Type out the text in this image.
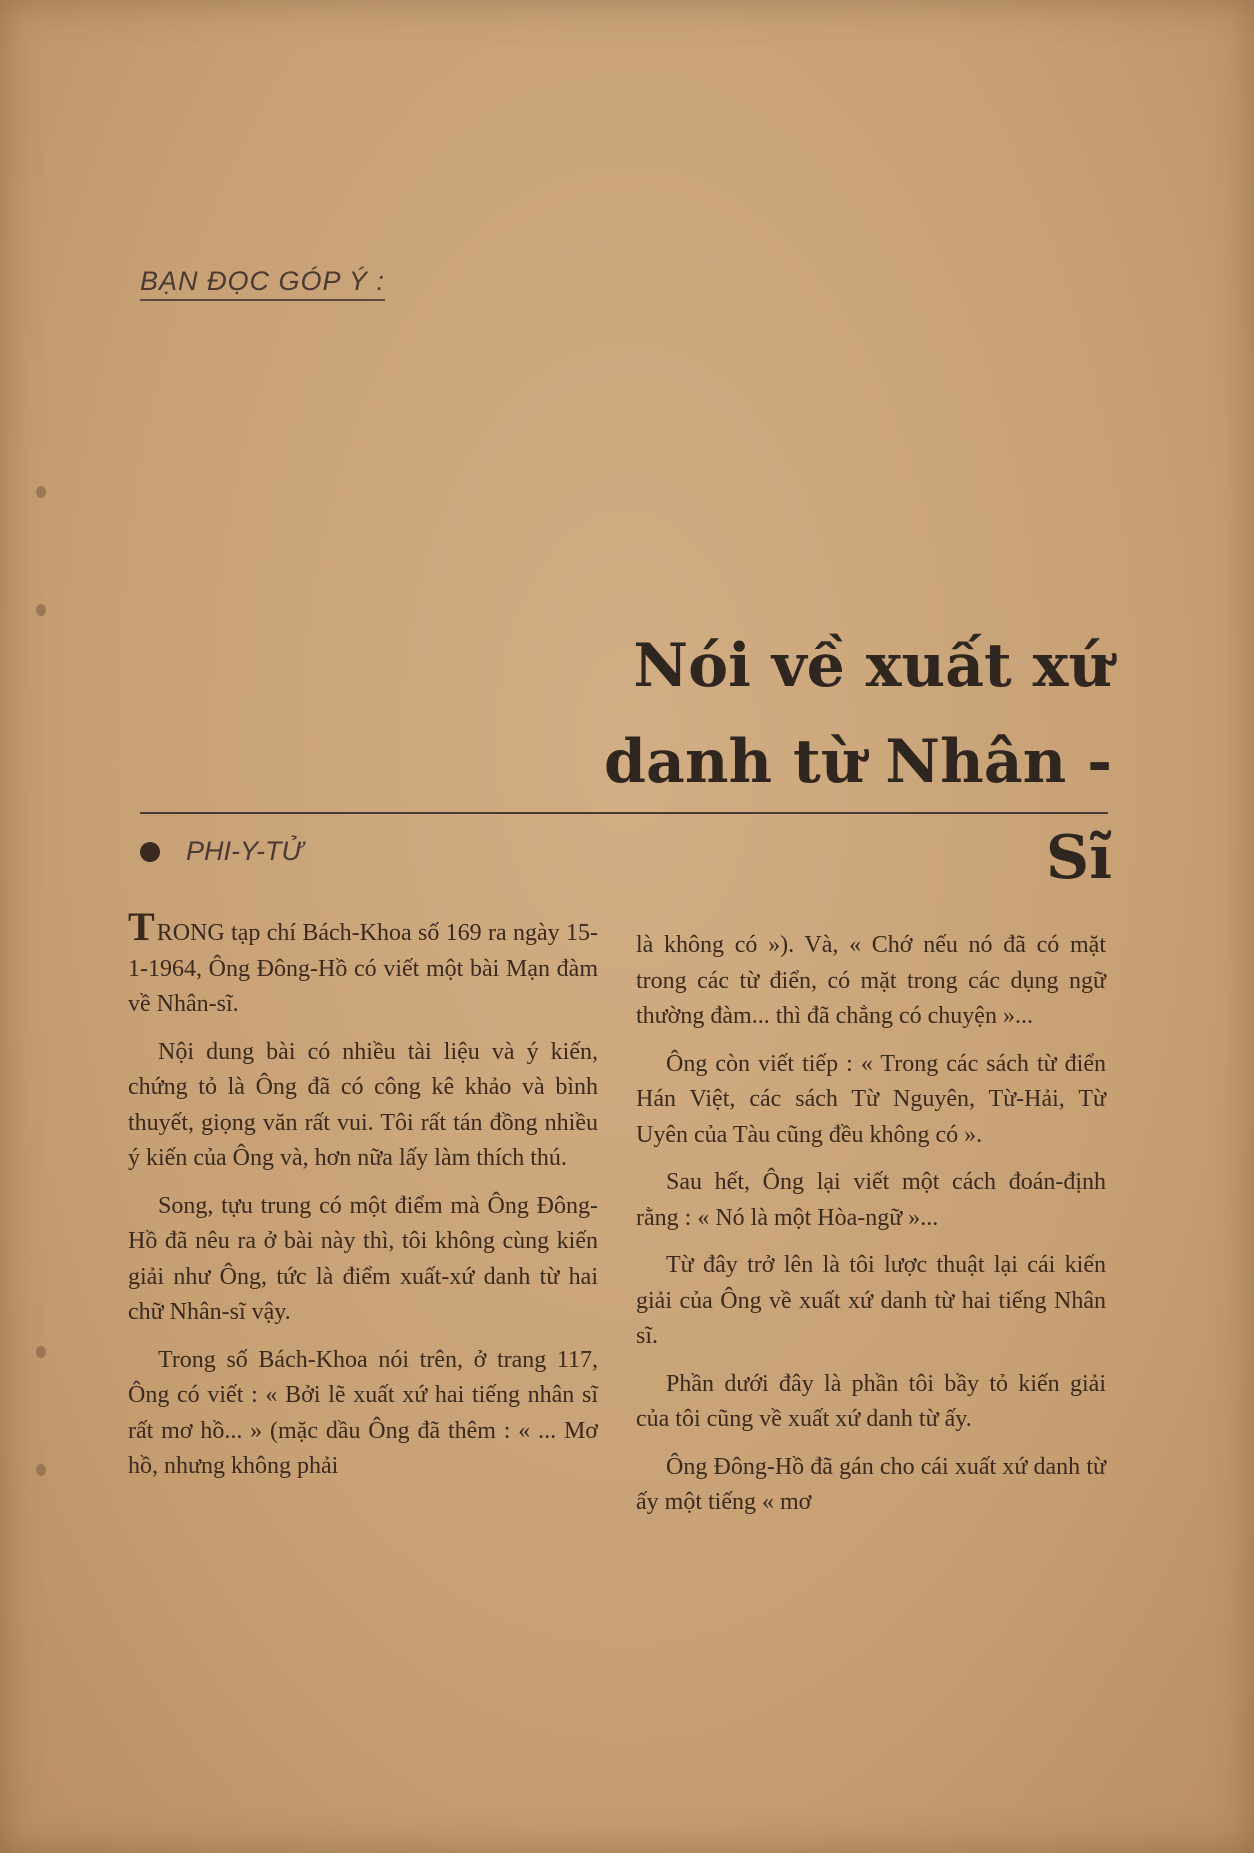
BẠN ĐỌC GÓP Ý :
Nói về xuất xứ
danh từ Nhân - Sĩ
PHI-Y-TỬ

TRONG tạp chí Bách-Khoa số 169 ra ngày 15-1-1964, Ông Đông-Hồ có viết một bài Mạn đàm về Nhân-sĩ.

Nội dung bài có nhiều tài liệu và ý kiến, chứng tỏ là Ông đã có công kê khảo và bình thuyết, giọng văn rất vui. Tôi rất tán đồng nhiều ý kiến của Ông và, hơn nữa lấy làm thích thú.

Song, tựu trung có một điểm mà Ông Đông-Hồ đã nêu ra ở bài này thì, tôi không cùng kiến giải như Ông, tức là điểm xuất-xứ danh từ hai chữ Nhân-sĩ vậy.

Trong số Bách-Khoa nói trên, ở trang 117, Ông có viết : « Bởi lẽ xuất xứ hai tiếng nhân sĩ rất mơ hồ... » (mặc dầu Ông đã thêm : « ... Mơ hồ, nhưng không phải

là không có »). Và, « Chớ nếu nó đã có mặt trong các từ điển, có mặt trong các dụng ngữ thường đàm... thì đã chẳng có chuyện »...

Ông còn viết tiếp : « Trong các sách từ điển Hán Việt, các sách Từ Nguyên, Từ-Hải, Từ Uyên của Tàu cũng đều không có ».

Sau hết, Ông lại viết một cách đoán-định rằng : « Nó là một Hòa-ngữ »...

Từ đây trở lên là tôi lược thuật lại cái kiến giải của Ông về xuất xứ danh từ hai tiếng Nhân sĩ.

Phần dưới đây là phần tôi bầy tỏ kiến giải của tôi cũng về xuất xứ danh từ ấy.

Ông Đông-Hồ đã gán cho cái xuất xứ danh từ ấy một tiếng « mơ
